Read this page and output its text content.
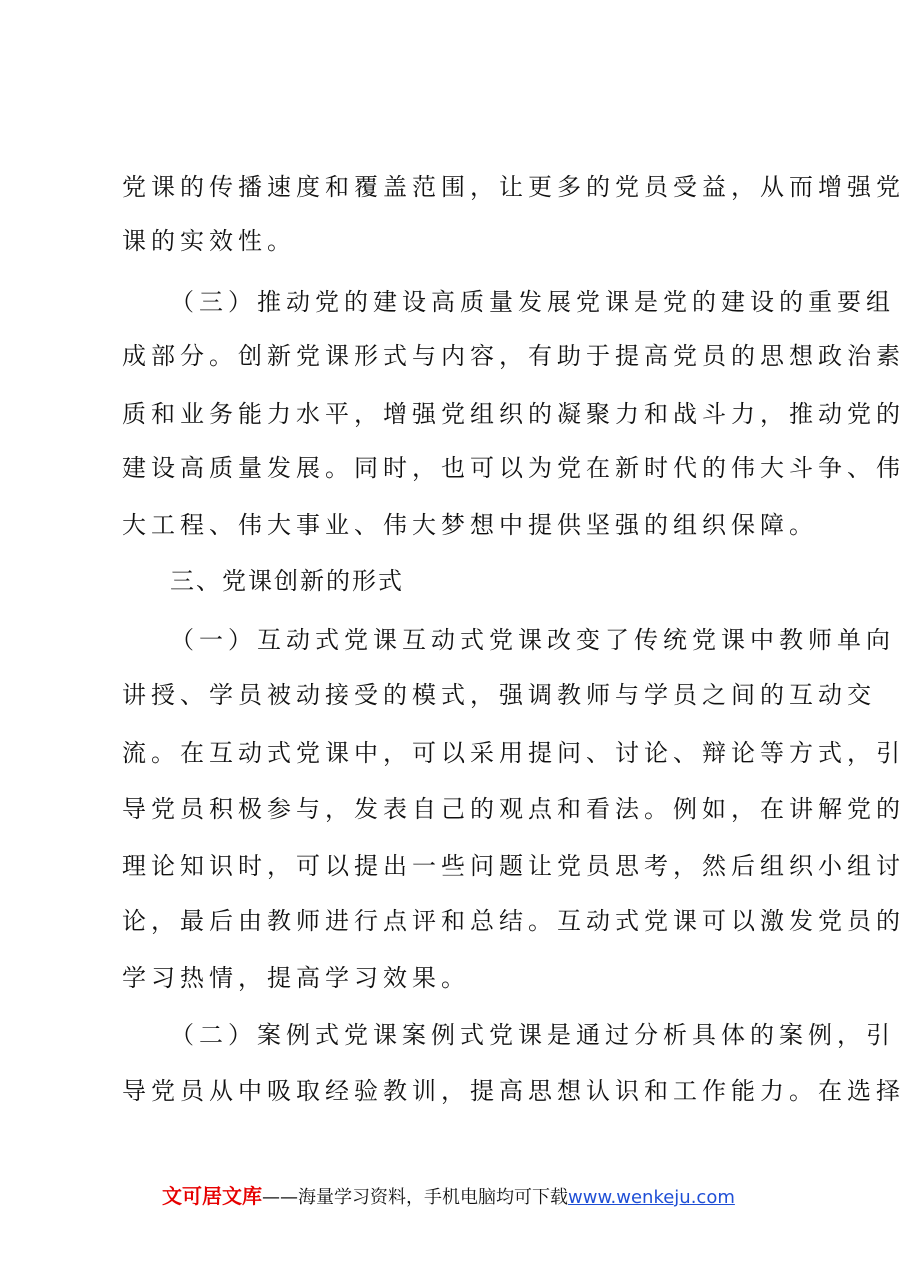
党课的传播速度和覆盖范围，让更多的党员受益，从而增强党
课的实效性。
（三）推动党的建设高质量发展党课是党的建设的重要组
成部分。创新党课形式与内容，有助于提高党员的思想政治素
质和业务能力水平，增强党组织的凝聚力和战斗力，推动党的
建设高质量发展。同时，也可以为党在新时代的伟大斗争、伟
大工程、伟大事业、伟大梦想中提供坚强的组织保障。
三、党课创新的形式
（一）互动式党课互动式党课改变了传统党课中教师单向
讲授、学员被动接受的模式，强调教师与学员之间的互动交
流。在互动式党课中，可以采用提问、讨论、辩论等方式，引
导党员积极参与，发表自己的观点和看法。例如，在讲解党的
理论知识时，可以提出一些问题让党员思考，然后组织小组讨
论，最后由教师进行点评和总结。互动式党课可以激发党员的
学习热情，提高学习效果。
（二）案例式党课案例式党课是通过分析具体的案例，引
导党员从中吸取经验教训，提高思想认识和工作能力。在选择
文可居文库——海量学习资料，手机电脑均可下载www.wenkeju.com
